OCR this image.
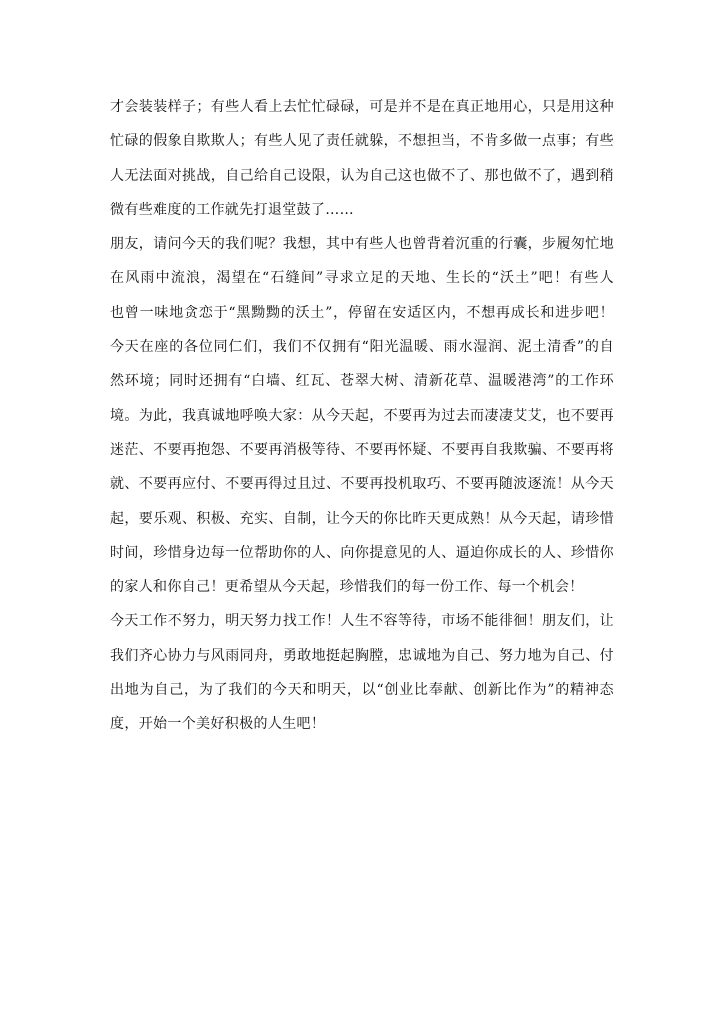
才会装装样子；有些人看上去忙忙碌碌，可是并不是在真正地用心，只是用这种
忙碌的假象自欺欺人；有些人见了责任就躲，不想担当，不肯多做一点事；有些
人无法面对挑战，自己给自己设限，认为自己这也做不了、那也做不了，遇到稍
微有些难度的工作就先打退堂鼓了……
朋友，请问今天的我们呢？我想，其中有些人也曾背着沉重的行囊，步履匆忙地
在风雨中流浪，渴望在“石缝间”寻求立足的天地、生长的“沃土”吧！有些人
也曾一味地贪恋于“黑黝黝的沃土”，停留在安适区内，不想再成长和进步吧！
今天在座的各位同仁们，我们不仅拥有“阳光温暖、雨水湿润、泥土清香”的自
然环境；同时还拥有“白墙、红瓦、苍翠大树、清新花草、温暖港湾”的工作环
境。为此，我真诚地呼唤大家：从今天起，不要再为过去而凄凄艾艾，也不要再
迷茫、不要再抱怨、不要再消极等待、不要再怀疑、不要再自我欺骗、不要再将
就、不要再应付、不要再得过且过、不要再投机取巧、不要再随波逐流！从今天
起，要乐观、积极、充实、自制，让今天的你比昨天更成熟！从今天起，请珍惜
时间，珍惜身边每一位帮助你的人、向你提意见的人、逼迫你成长的人、珍惜你
的家人和你自己！更希望从今天起，珍惜我们的每一份工作、每一个机会！
今天工作不努力，明天努力找工作！人生不容等待，市场不能徘徊！朋友们，让
我们齐心协力与风雨同舟，勇敢地挺起胸膛，忠诚地为自己、努力地为自己、付
出地为自己，为了我们的今天和明天，以“创业比奉献、创新比作为”的精神态
度，开始一个美好积极的人生吧！
